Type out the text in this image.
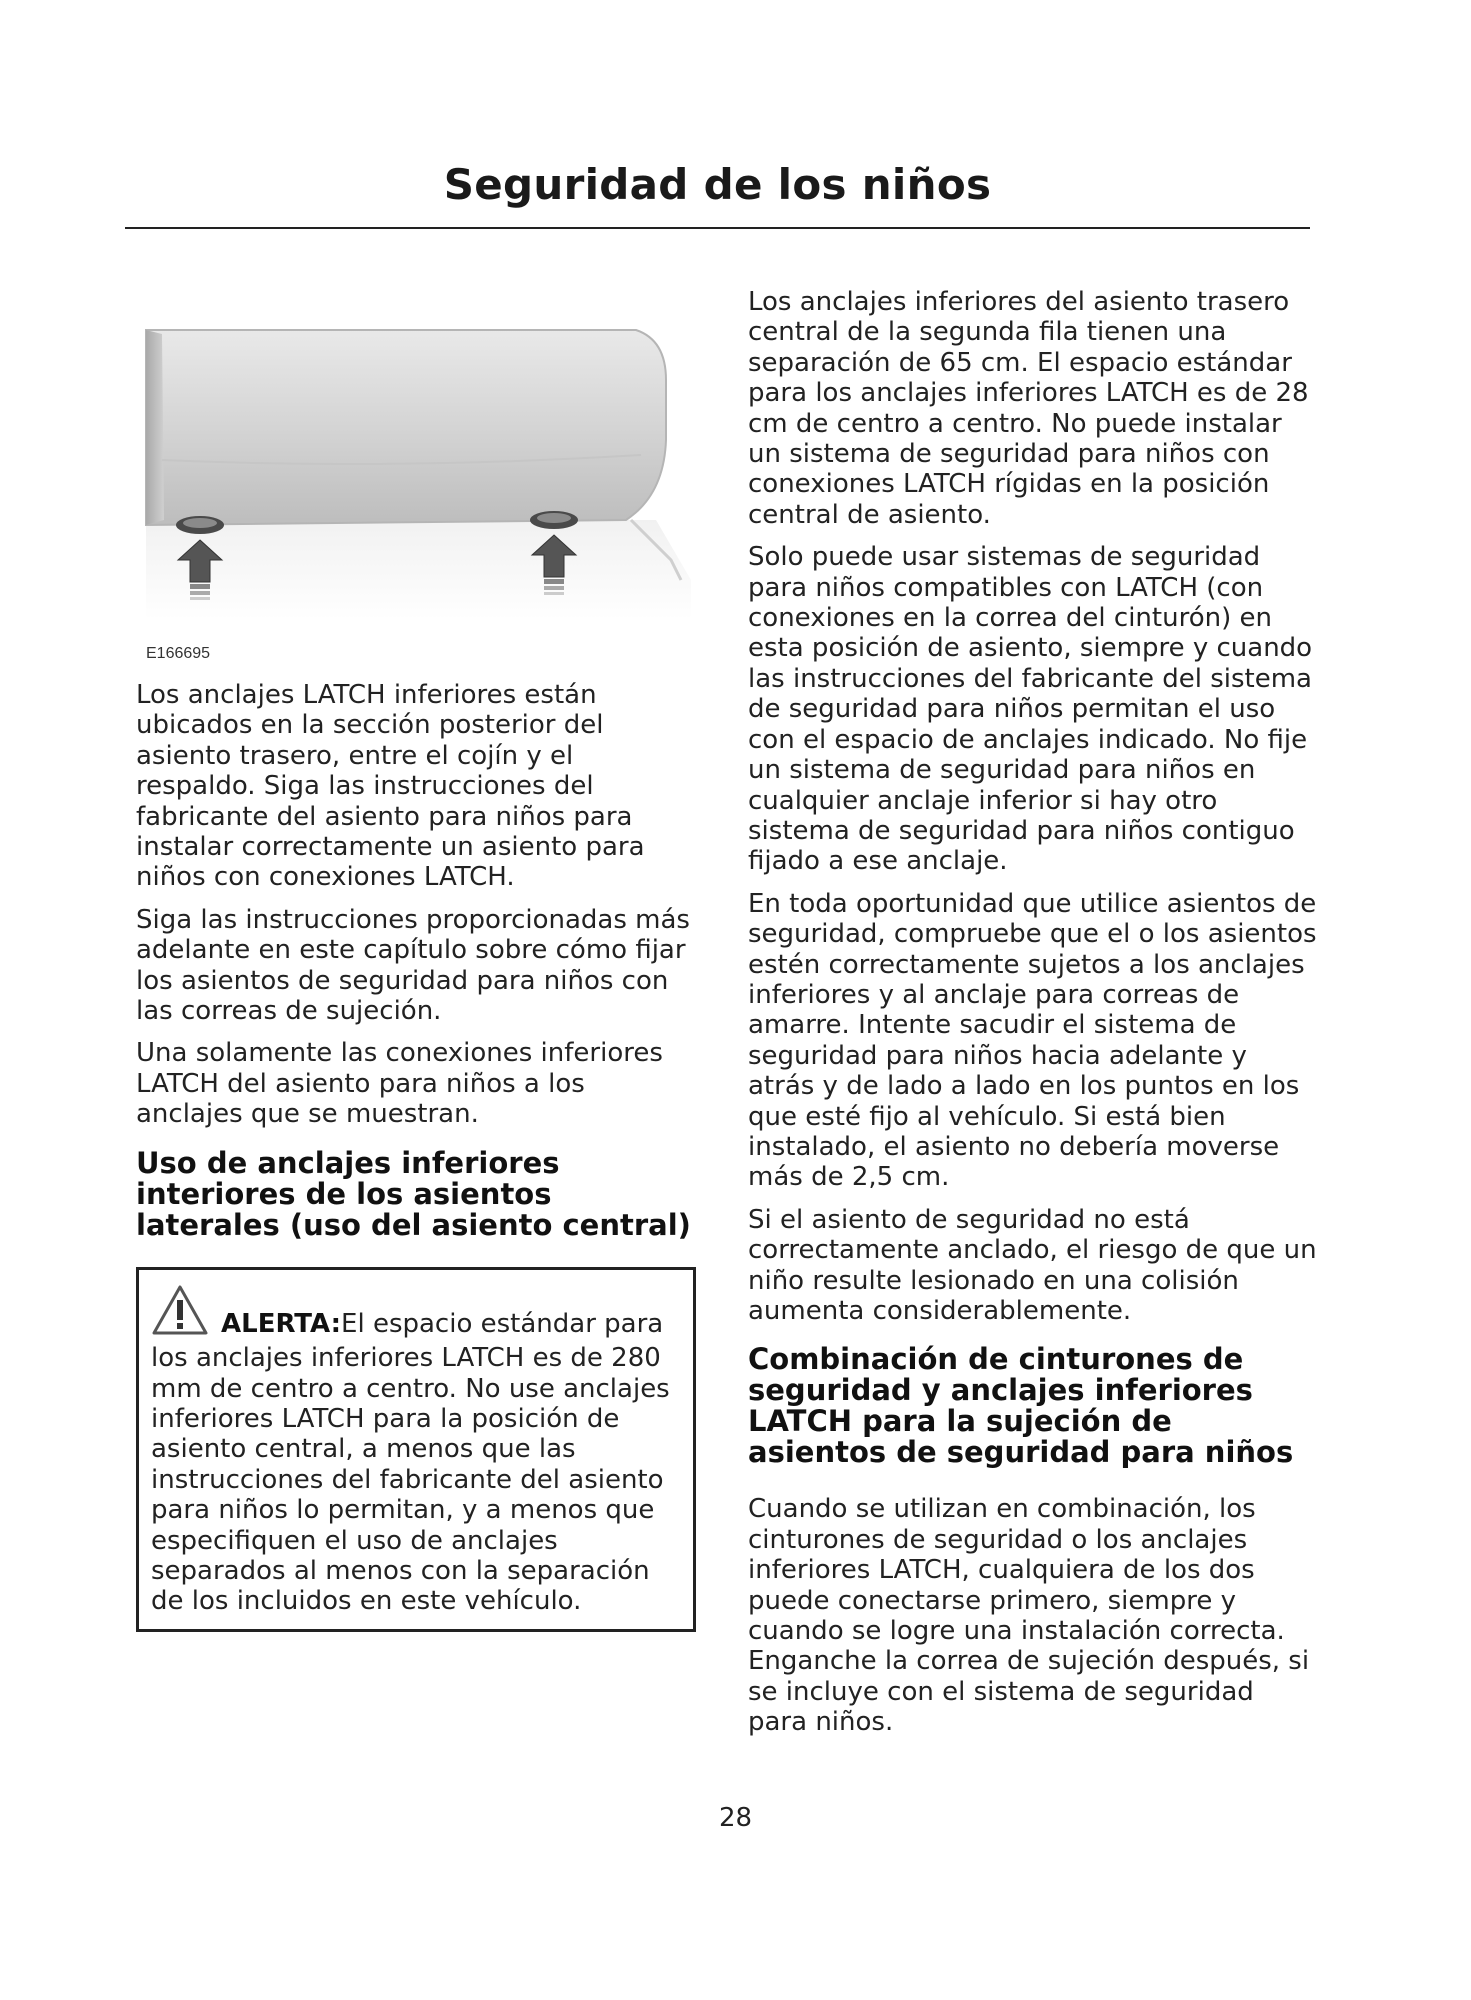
Seguridad de los niños
E166695

Los anclajes LATCH inferiores están ubicados en la sección posterior del asiento trasero, entre el cojín y el respaldo. Siga las instrucciones del fabricante del asiento para niños para instalar correctamente un asiento para niños con conexiones LATCH.

Siga las instrucciones proporcionadas más adelante en este capítulo sobre cómo fijar los asientos de seguridad para niños con las correas de sujeción.

Una solamente las conexiones inferiores LATCH del asiento para niños a los anclajes que se muestran.

Uso de anclajes inferiores interiores de los asientos laterales (uso del asiento central)

ALERTA:El espacio estándar para los anclajes inferiores LATCH es de 280 mm de centro a centro. No use anclajes inferiores LATCH para la posición de asiento central, a menos que las instrucciones del fabricante del asiento para niños lo permitan, y a menos que especifiquen el uso de anclajes separados al menos con la separación de los incluidos en este vehículo.

Los anclajes inferiores del asiento trasero central de la segunda fila tienen una separación de 65 cm. El espacio estándar para los anclajes inferiores LATCH es de 28 cm de centro a centro. No puede instalar un sistema de seguridad para niños con conexiones LATCH rígidas en la posición central de asiento.

Solo puede usar sistemas de seguridad para niños compatibles con LATCH (con conexiones en la correa del cinturón) en esta posición de asiento, siempre y cuando las instrucciones del fabricante del sistema de seguridad para niños permitan el uso con el espacio de anclajes indicado. No fije un sistema de seguridad para niños en cualquier anclaje inferior si hay otro sistema de seguridad para niños contiguo fijado a ese anclaje.

En toda oportunidad que utilice asientos de seguridad, compruebe que el o los asientos estén correctamente sujetos a los anclajes inferiores y al anclaje para correas de amarre. Intente sacudir el sistema de seguridad para niños hacia adelante y atrás y de lado a lado en los puntos en los que esté fijo al vehículo. Si está bien instalado, el asiento no debería moverse más de 2,5 cm.

Si el asiento de seguridad no está correctamente anclado, el riesgo de que un niño resulte lesionado en una colisión aumenta considerablemente.

Combinación de cinturones de seguridad y anclajes inferiores LATCH para la sujeción de asientos de seguridad para niños

Cuando se utilizan en combinación, los cinturones de seguridad o los anclajes inferiores LATCH, cualquiera de los dos puede conectarse primero, siempre y cuando se logre una instalación correcta. Enganche la correa de sujeción después, si se incluye con el sistema de seguridad para niños.

28
